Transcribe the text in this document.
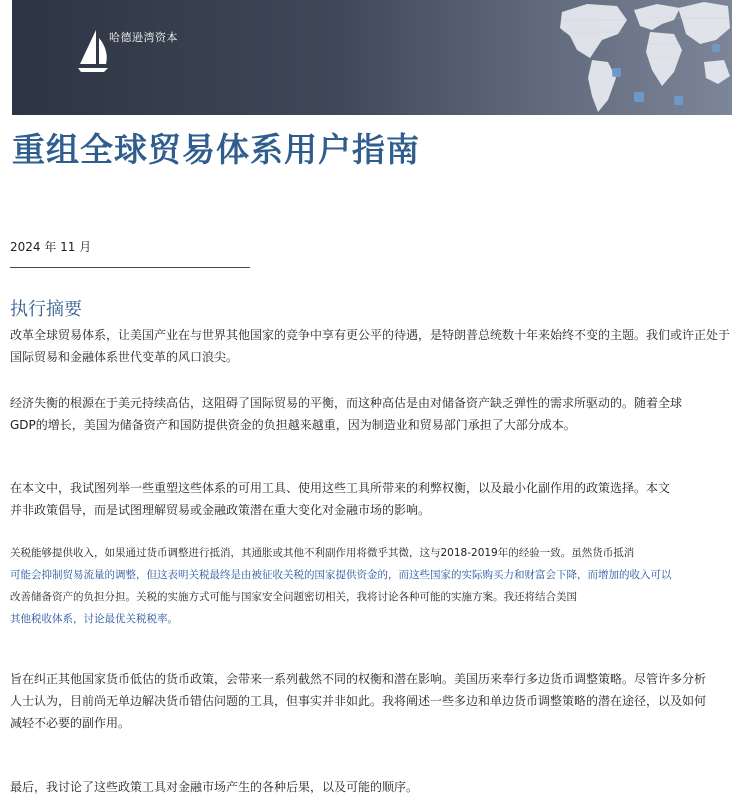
哈德逊湾资本
重组全球贸易体系用户指南
2024 年 11 月
执行摘要

改革全球贸易体系，让美国产业在与世界其他国家的竞争中享有更公平的待遇，是特朗普总统数十年来始终不变的主题。我们或许正处于
国际贸易和金融体系世代变革的风口浪尖。

经济失衡的根源在于美元持续高估，这阻碍了国际贸易的平衡，而这种高估是由对储备资产缺乏弹性的需求所驱动的。随着全球
GDP的增长，美国为储备资产和国防提供资金的负担越来越重，因为制造业和贸易部门承担了大部分成本。

在本文中，我试图列举一些重塑这些体系的可用工具、使用这些工具所带来的利弊权衡，以及最小化副作用的政策选择。本文
并非政策倡导，而是试图理解贸易或金融政策潜在重大变化对金融市场的影响。

关税能够提供收入，如果通过货币调整进行抵消，其通胀或其他不利副作用将微乎其微，这与2018-2019年的经验一致。虽然货币抵消
可能会抑制贸易流量的调整，但这表明关税最终是由被征收关税的国家提供资金的，而这些国家的实际购买力和财富会下降，而增加的收入可以
改善储备资产的负担分担。关税的实施方式可能与国家安全问题密切相关，我将讨论各种可能的实施方案。我还将结合美国
其他税收体系，讨论最优关税税率。

旨在纠正其他国家货币低估的货币政策，会带来一系列截然不同的权衡和潜在影响。美国历来奉行多边货币调整策略。尽管许多分析
人士认为，目前尚无单边解决货币错估问题的工具，但事实并非如此。我将阐述一些多边和单边货币调整策略的潜在途径，以及如何
减轻不必要的副作用。

最后，我讨论了这些政策工具对金融市场产生的各种后果，以及可能的顺序。
